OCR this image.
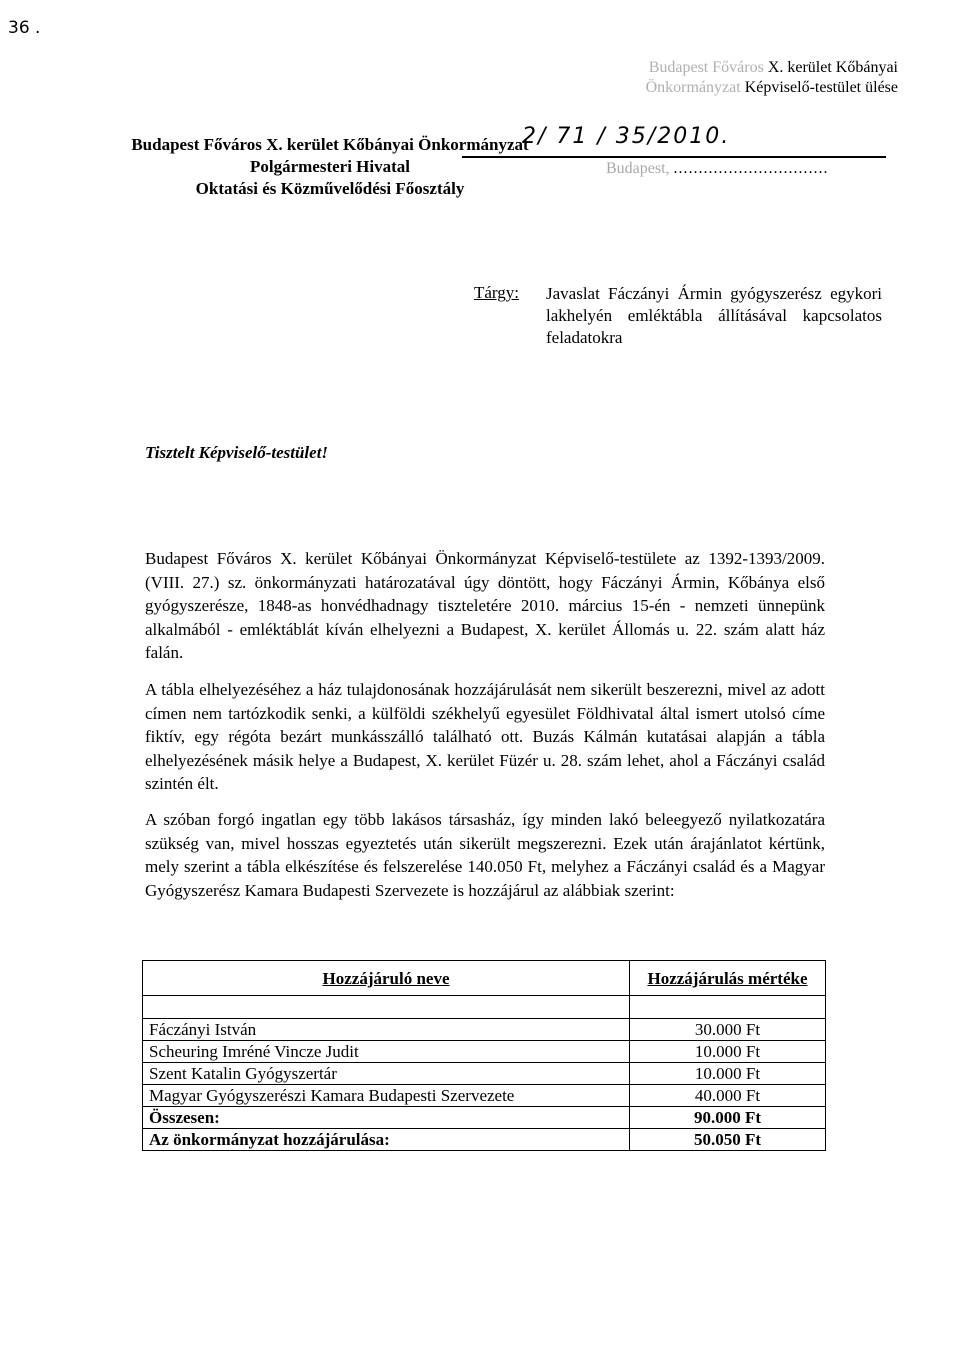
36 .
Budapest Főváros X. kerület Kőbányai
Önkormányzat Képviselő-testület ülése
2/ 71 / 35/2010.
Budapest, ...............................
Budapest Főváros X. kerület Kőbányai Önkormányzat
Polgármesteri Hivatal
Oktatási és Közművelődési Főosztály
Tárgy: Javaslat Fáczányi Ármin gyógyszerész egykori lakhelyén emléktábla állításával kapcsolatos feladatokra
Tisztelt Képviselő-testület!
Budapest Főváros X. kerület Kőbányai Önkormányzat Képviselő-testülete az 1392-1393/2009.(VIII. 27.) sz. önkormányzati határozatával úgy döntött, hogy Fáczányi Ármin, Kőbánya első gyógyszerésze, 1848-as honvédhadnagy tiszteletére 2010. március 15-én - nemzeti ünnepünk alkalmából - emléktáblát kíván elhelyezni a Budapest, X. kerület Állomás u. 22. szám alatt ház falán.
A tábla elhelyezéséhez a ház tulajdonosának hozzájárulását nem sikerült beszerezni, mivel az adott címen nem tartózkodik senki, a külföldi székhelyű egyesület Földhivatal által ismert utolsó címe fiktív, egy régóta bezárt munkásszálló található ott. Buzás Kálmán kutatásai alapján a tábla elhelyezésének másik helye a Budapest, X. kerület Füzér u. 28. szám lehet, ahol a Fáczányi család szintén élt.
A szóban forgó ingatlan egy több lakásos társasház, így minden lakó beleegyező nyilatkozatára szükség van, mivel hosszas egyeztetés után sikerült megszerezni. Ezek után árajánlatot kértünk, mely szerint a tábla elkészítése és felszerelése 140.050 Ft, melyhez a Fáczányi család és a Magyar Gyógyszerész Kamara Budapesti Szervezete is hozzájárul az alábbiak szerint:
Hozzájáruló neve	Hozzájárulás mértéke

Fáczányi István	30.000 Ft
Scheuring Imréné Vincze Judit	10.000 Ft
Szent Katalin Gyógyszertár	10.000 Ft
Magyar Gyógyszerészi Kamara Budapesti Szervezete	40.000 Ft
Összesen:	90.000 Ft
Az önkormányzat hozzájárulása:	50.050 Ft
